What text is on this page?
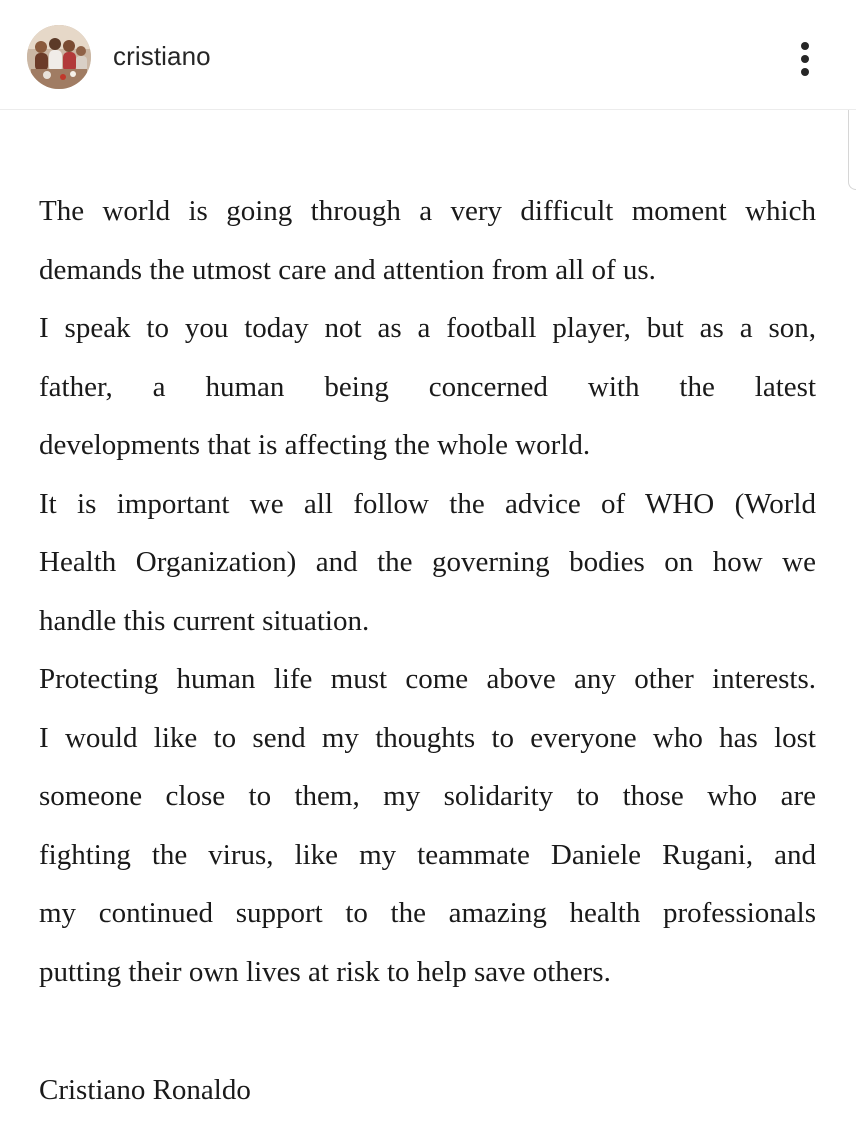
cristiano
The world is going through a very difficult moment which
demands the utmost care and attention from all of us.
I speak to you today not as a football player, but as a son,
father, a human being concerned with the latest
developments that is affecting the whole world.
It is important we all follow the advice of WHO (World
Health Organization) and the governing bodies on how we
handle this current situation.
Protecting human life must come above any other interests.
I would like to send my thoughts to everyone who has lost
someone close to them, my solidarity to those who are
fighting the virus, like my teammate Daniele Rugani, and
my continued support to the amazing health professionals
putting their own lives at risk to help save others.
Cristiano Ronaldo
